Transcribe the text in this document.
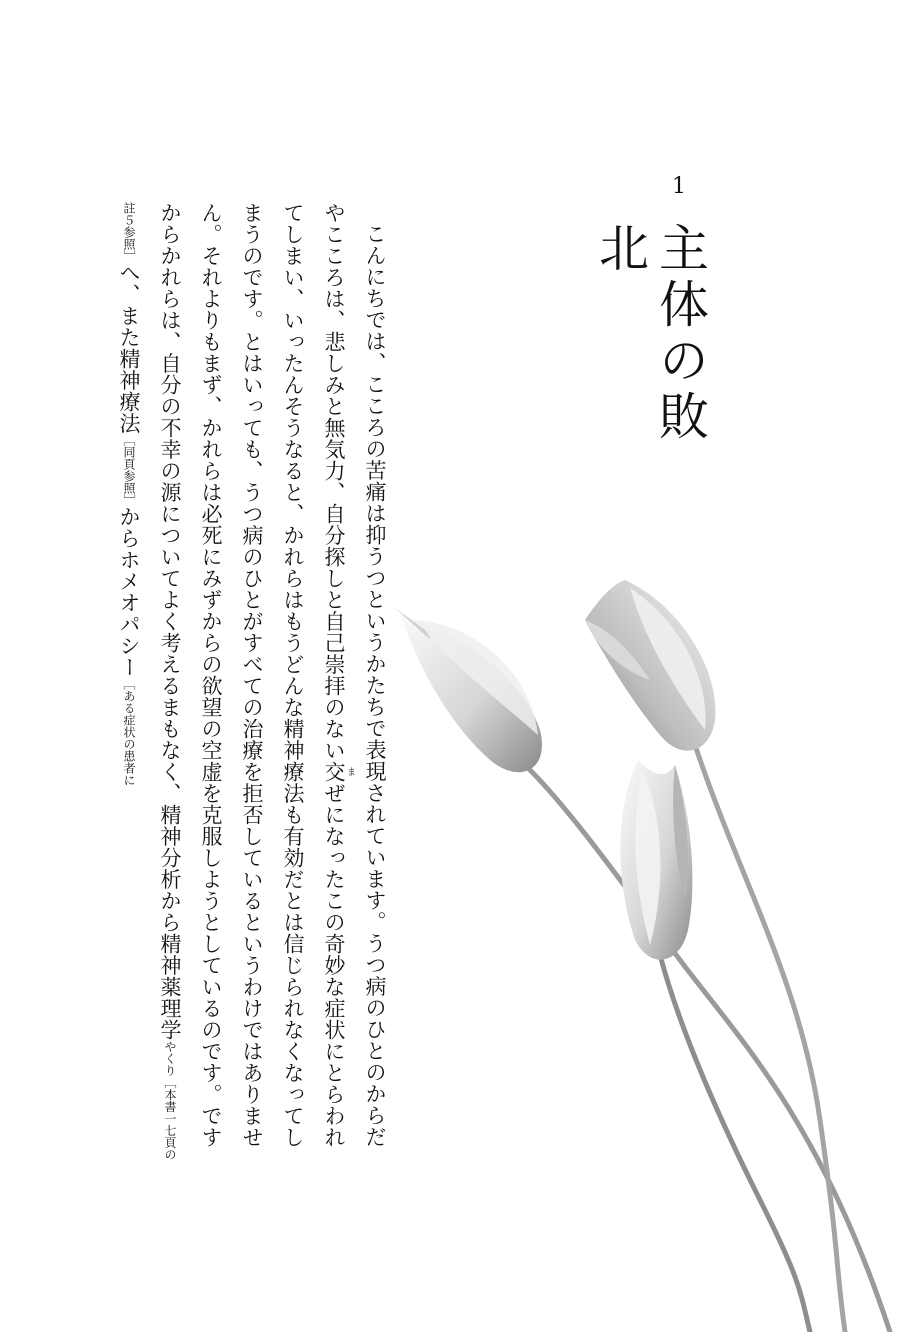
1
主体の敗北

こんにちでは、こころの苦痛は抑うつというかたちで表現されています。うつ病のひとのからだやこころは、悲しみと無気力、自分探しと自己崇拝のない交 まぜになったこの奇妙な症状にとらわれてしまい、いったんそうなると、かれらはもうどんな精神療法も有効だとは信じられなくなってしまうのです。とはいっても、うつ病のひとがすべての治療を拒否しているというわけではありません。それよりもまず、かれらは必死にみずからの欲望の空虚を克服しようとしているのです。ですからかれらは、自分の不幸の源についてよく考えるまもなく、精神分析から精神薬理学やくり［本書一七頁の註５参照］へ、また精神療法［同頁参照］からホメオパシー［ある症状の患者に
